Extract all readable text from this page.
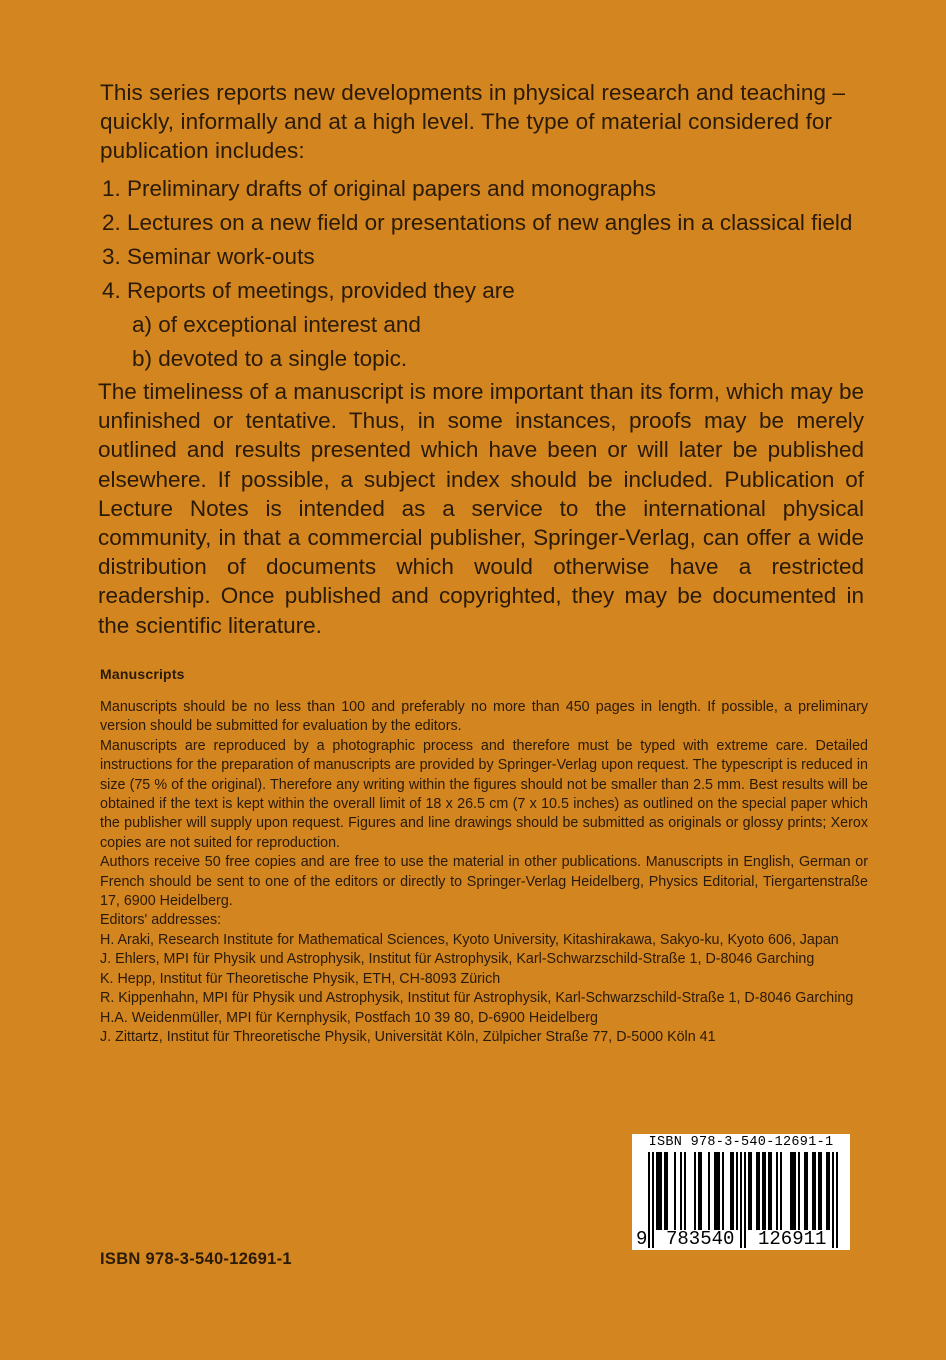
This series reports new developments in physical research and teaching – quickly, informally and at a high level. The type of material considered for publication includes:

1. Preliminary drafts of original papers and monographs
2. Lectures on a new field or presentations of new angles in a classical field
3. Seminar work-outs
4. Reports of meetings, provided they are
a) of exceptional interest and
b) devoted to a single topic.

The timeliness of a manuscript is more important than its form, which may be unfinished or tentative. Thus, in some instances, proofs may be merely outlined and results presented which have been or will later be published elsewhere. If possible, a subject index should be included. Publication of Lecture Notes is intended as a service to the international physical community, in that a commercial publisher, Springer-Verlag, can offer a wide distribution of documents which would otherwise have a restricted readership. Once published and copyrighted, they may be documented in the scientific literature.

Manuscripts

Manuscripts should be no less than 100 and preferably no more than 450 pages in length. If possible, a preliminary version should be submitted for evaluation by the editors.

Manuscripts are reproduced by a photographic process and therefore must be typed with extreme care. Detailed instructions for the preparation of manuscripts are provided by Springer-Verlag upon request. The typescript is reduced in size (75 % of the original). Therefore any writing within the figures should not be smaller than 2.5 mm. Best results will be obtained if the text is kept within the overall limit of 18 x 26.5 cm (7 x 10.5 inches) as outlined on the special paper which the publisher will supply upon request. Figures and line drawings should be submitted as originals or glossy prints; Xerox copies are not suited for reproduction.

Authors receive 50 free copies and are free to use the material in other publications. Manuscripts in English, German or French should be sent to one of the editors or directly to Springer-Verlag Heidelberg, Physics Editorial, Tiergartenstraße 17, 6900 Heidelberg.

Editors' addresses:

H. Araki, Research Institute for Mathematical Sciences, Kyoto University, Kitashirakawa, Sakyo-ku, Kyoto 606, Japan

J. Ehlers, MPI für Physik und Astrophysik, Institut für Astrophysik, Karl-Schwarzschild-Straße 1, D-8046 Garching

K. Hepp, Institut für Theoretische Physik, ETH, CH-8093 Zürich

R. Kippenhahn, MPI für Physik und Astrophysik, Institut für Astrophysik, Karl-Schwarzschild-Straße 1, D-8046 Garching

H.A. Weidenmüller, MPI für Kernphysik, Postfach 10 39 80, D-6900 Heidelberg

J. Zittartz, Institut für Threoretische Physik, Universität Köln, Zülpicher Straße 77, D-5000 Köln 41

ISBN 978-3-540-12691-1
9 783540 126911
ISBN 978-3-540-12691-1
